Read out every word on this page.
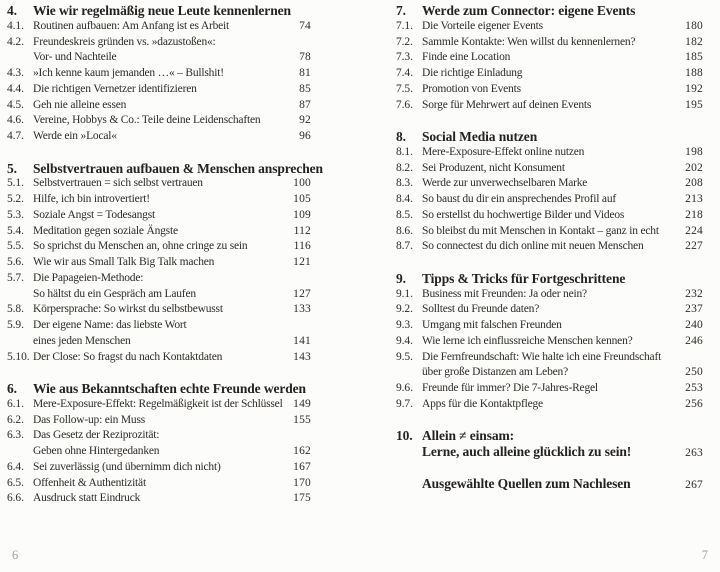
4.	Wie wir regelmäßig neue Leute kennenlernen
4.1. Routinen aufbauen: Am Anfang ist es Arbeit	74
4.2. Freundeskreis gründen vs. »dazustoßen«:
Vor- und Nachteile	78
4.3. »Ich kenne kaum jemanden …« – Bullshit!	81
4.4. Die richtigen Vernetzer identifizieren	85
4.5. Geh nie alleine essen	87
4.6. Vereine, Hobbys & Co.: Teile deine Leidenschaften	92
4.7. Werde ein »Local«	96
5.	Selbstvertrauen aufbauen & Menschen ansprechen
5.1. Selbstvertrauen = sich selbst vertrauen	100
5.2. Hilfe, ich bin introvertiert!	105
5.3. Soziale Angst = Todesangst	109
5.4. Meditation gegen soziale Ängste	112
5.5. So sprichst du Menschen an, ohne cringe zu sein	116
5.6. Wie wir aus Small Talk Big Talk machen	121
5.7. Die Papageien-Methode:
So hältst du ein Gespräch am Laufen	127
5.8. Körpersprache: So wirkst du selbstbewusst	133
5.9. Der eigene Name: das liebste Wort
eines jeden Menschen	141
5.10. Der Close: So fragst du nach Kontaktdaten	143
6.	Wie aus Bekanntschaften echte Freunde werden
6.1. Mere-Exposure-Effekt: Regelmäßigkeit ist der Schlüssel 149
6.2. Das Follow-up: ein Muss	155
6.3. Das Gesetz der Reziprozität:
Geben ohne Hintergedanken	162
6.4. Sei zuverlässig (und übernimm dich nicht)	167
6.5. Offenheit & Authentizität	170
6.6. Ausdruck statt Eindruck	175
7.	Werde zum Connector: eigene Events
7.1. Die Vorteile eigener Events	180
7.2. Sammle Kontakte: Wen willst du kennenlernen?	182
7.3. Finde eine Location	185
7.4. Die richtige Einladung	188
7.5. Promotion von Events	192
7.6. Sorge für Mehrwert auf deinen Events	195
8.	Social Media nutzen
8.1. Mere-Exposure-Effekt online nutzen	198
8.2. Sei Produzent, nicht Konsument	202
8.3. Werde zur unverwechselbaren Marke	208
8.4. So baust du dir ein ansprechendes Profil auf	213
8.5. So erstellst du hochwertige Bilder und Videos	218
8.6. So bleibst du mit Menschen in Kontakt – ganz in echt	224
8.7. So connectest du dich online mit neuen Menschen	227
9.	Tipps & Tricks für Fortgeschrittene
9.1. Business mit Freunden: Ja oder nein?	232
9.2. Solltest du Freunde daten?	237
9.3. Umgang mit falschen Freunden	240
9.4. Wie lerne ich einflussreiche Menschen kennen?	246
9.5. Die Fernfreundschaft: Wie halte ich eine Freundschaft
über große Distanzen am Leben?	250
9.6. Freunde für immer? Die 7-Jahres-Regel	253
9.7. Apps für die Kontaktpflege	256
10. Allein ≠ einsam:
Lerne, auch alleine glücklich zu sein!	263
Ausgewählte Quellen zum Nachlesen	267
6	7
